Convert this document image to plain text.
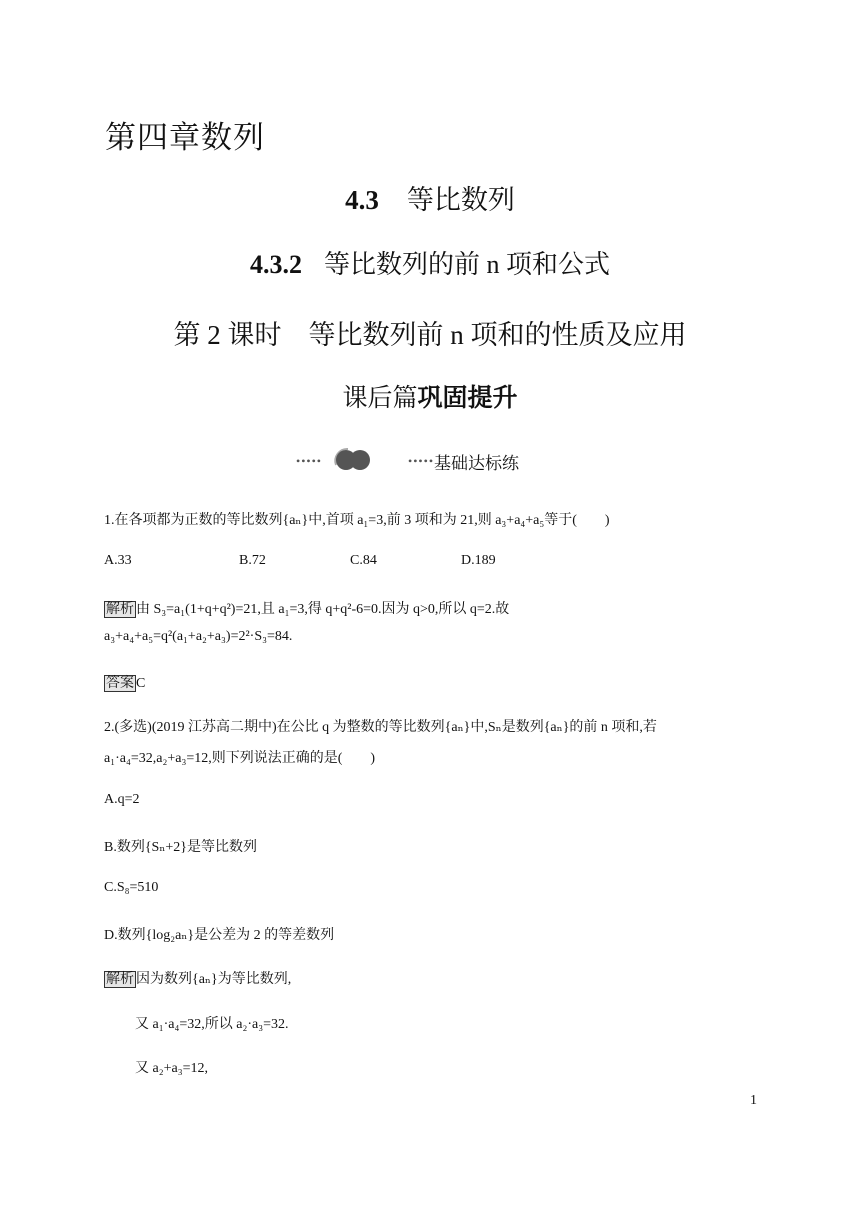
第四章数列
4.3 等比数列
4.3.2 等比数列的前 n 项和公式
第 2 课时　等比数列前 n 项和的性质及应用
课后篇巩固提升
•••••	••••• 基础达标练
1.在各项都为正数的等比数列{aₙ}中,首项 a₁=3,前 3 项和为 21,则 a₃+a₄+a₅等于(　　)
A.33	B.72	C.84	D.189
解析 由 S₃=a₁(1+q+q²)=21,且 a₁=3,得 q+q²-6=0.因为 q>0,所以 q=2.故
a₃+a₄+a₅=q²(a₁+a₂+a₃)=2²·S₃=84.
答案 C
2.(多选)(2019 江苏高二期中)在公比 q 为整数的等比数列{aₙ}中,Sₙ是数列{aₙ}的前 n 项和,若
a₁·a₄=32,a₂+a₃=12,则下列说法正确的是(　　)
A.q=2
B.数列{Sₙ+2}是等比数列
C.S₈=510
D.数列{log₂aₙ}是公差为 2 的等差数列
解析 因为数列{aₙ}为等比数列,
又 a₁·a₄=32,所以 a₂·a₃=32.
又 a₂+a₃=12,
1
